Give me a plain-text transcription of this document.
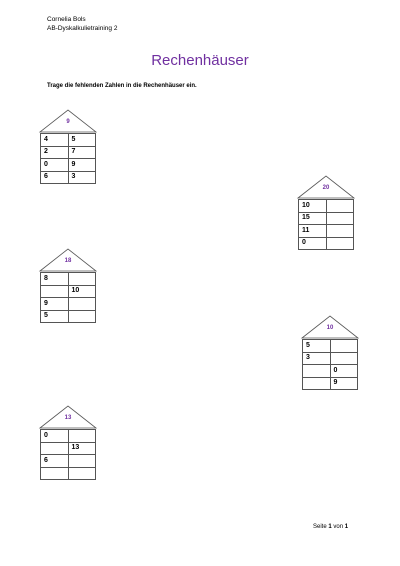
Cornelia Bols
AB-Dyskalkulietraining 2
Rechenhäuser
Trage die fehlenden Zahlen in die Rechenhäuser ein.
9
4	5
2	7
0	9
6	3
20
10	
15	
11	
0	
18
8	
	10
9	
5	
10
5	
3	
	0
	9
13
0	
	13
6	

Seite 1 von 1
